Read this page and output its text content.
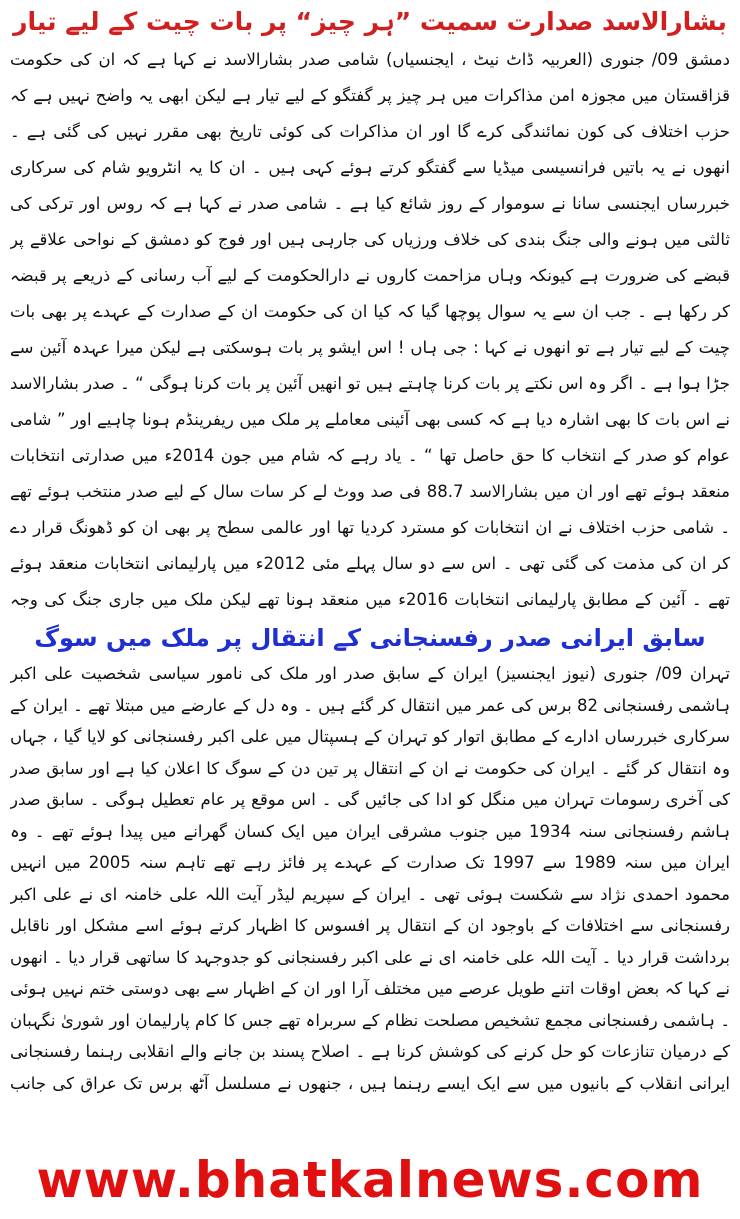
بشارالاسد صدارت سمیت ”ہر چیز“ پر بات چیت کے لیے تیار

دمشق 09/ جنوری (العربیہ ڈاٹ نیٹ ، ایجنسیاں) شامی صدر بشارالاسد نے کہا ہے کہ ان کی حکومت قزاقستان میں مجوزہ امن مذاکرات میں ہر چیز پر گفتگو کے لیے تیار ہے لیکن ابھی یہ واضح نہیں ہے کہ حزب اختلاف کی کون نمائندگی کرے گا اور ان مذاکرات کی کوئی تاریخ بھی مقرر نہیں کی گئی ہے ۔ انھوں نے یہ باتیں فرانسیسی میڈیا سے گفتگو کرتے ہوئے کہی ہیں ۔ ان کا یہ انٹرویو شام کی سرکاری خبررساں ایجنسی سانا نے سوموار کے روز شائع کیا ہے ۔ شامی صدر نے کہا ہے کہ روس اور ترکی کی ثالثی میں ہونے والی جنگ بندی کی خلاف ورزیاں کی جارہی ہیں اور فوج کو دمشق کے نواحی علاقے پر قبضے کی ضرورت ہے کیونکہ وہاں مزاحمت کاروں نے دارالحکومت کے لیے آب رسانی کے ذریعے پر قبضہ کر رکھا ہے ۔ جب ان سے یہ سوال پوچھا گیا کہ کیا ان کی حکومت ان کے صدارت کے عہدے پر بھی بات چیت کے لیے تیار ہے تو انھوں نے کہا : جی ہاں ! اس ایشو پر بات ہوسکتی ہے لیکن میرا عہدہ آئین سے جڑا ہوا ہے ۔ اگر وہ اس نکتے پر بات کرنا چاہتے ہیں تو انھیں آئین پر بات کرنا ہوگی “ ۔ صدر بشارالاسد نے اس بات کا بھی اشارہ دیا ہے کہ کسی بھی آئینی معاملے پر ملک میں ریفرینڈم ہونا چاہیے اور ” شامی عوام کو صدر کے انتخاب کا حق حاصل تھا “ ۔ یاد رہے کہ شام میں جون 2014ء میں صدارتی انتخابات منعقد ہوئے تھے اور ان میں بشارالاسد 88.7 فی صد ووٹ لے کر سات سال کے لیے صدر منتخب ہوئے تھے ۔ شامی حزب اختلاف نے ان انتخابات کو مسترد کردیا تھا اور عالمی سطح پر بھی ان کو ڈھونگ قرار دے کر ان کی مذمت کی گئی تھی ۔ اس سے دو سال پہلے مئی 2012ء میں پارلیمانی انتخابات منعقد ہوئے تھے ۔ آئین کے مطابق پارلیمانی انتخابات 2016ء میں منعقد ہونا تھے لیکن ملک میں جاری جنگ کی وجہ

سابق ایرانی صدر رفسنجانی کے انتقال پر ملک میں سوگ

تہران 09/ جنوری (نیوز ایجنسیز) ایران کے سابق صدر اور ملک کی نامور سیاسی شخصیت علی اکبر ہاشمی رفسنجانی 82 برس کی عمر میں انتقال کر گئے ہیں ۔ وہ دل کے عارضے میں مبتلا تھے ۔ ایران کے سرکاری خبررساں ادارے کے مطابق اتوار کو تہران کے ہسپتال میں علی اکبر رفسنجانی کو لایا گیا ، جہاں وہ انتقال کر گئے ۔ ایران کی حکومت نے ان کے انتقال پر تین دن کے سوگ کا اعلان کیا ہے اور سابق صدر کی آخری رسومات تہران میں منگل کو ادا کی جائیں گی ۔ اس موقع پر عام تعطیل ہوگی ۔ سابق صدر ہاشم رفسنجانی سنہ 1934 میں جنوب مشرقی ایران میں ایک کسان گھرانے میں پیدا ہوئے تھے ۔ وہ ایران میں سنہ 1989 سے 1997 تک صدارت کے عہدے پر فائز رہے تھے تاہم سنہ 2005 میں انہیں محمود احمدی نژاد سے شکست ہوئی تھی ۔ ایران کے سپریم لیڈر آیت اللہ علی خامنہ ای نے علی اکبر رفسنجانی سے اختلافات کے باوجود ان کے انتقال پر افسوس کا اظہار کرتے ہوئے اسے مشکل اور ناقابل برداشت قرار دیا ۔ آیت اللہ علی خامنہ ای نے علی اکبر رفسنجانی کو جدوجہد کا ساتھی قرار دیا ۔ انھوں نے کہا کہ بعض اوقات اتنے طویل عرصے میں مختلف آرا اور ان کے اظہار سے بھی دوستی ختم نہیں ہوئی ۔ ہاشمی رفسنجانی مجمع تشخیص مصلحت نظام کے سربراہ تھے جس کا کام پارلیمان اور شوریٰ نگہبان کے درمیان تنازعات کو حل کرنے کی کوشش کرنا ہے ۔ اصلاح پسند بن جانے والے انقلابی رہنما رفسنجانی ایرانی انقلاب کے بانیوں میں سے ایک ایسے رہنما ہیں ، جنھوں نے مسلسل آٹھ برس تک عراق کی جانب

www.bhatkalnews.com
